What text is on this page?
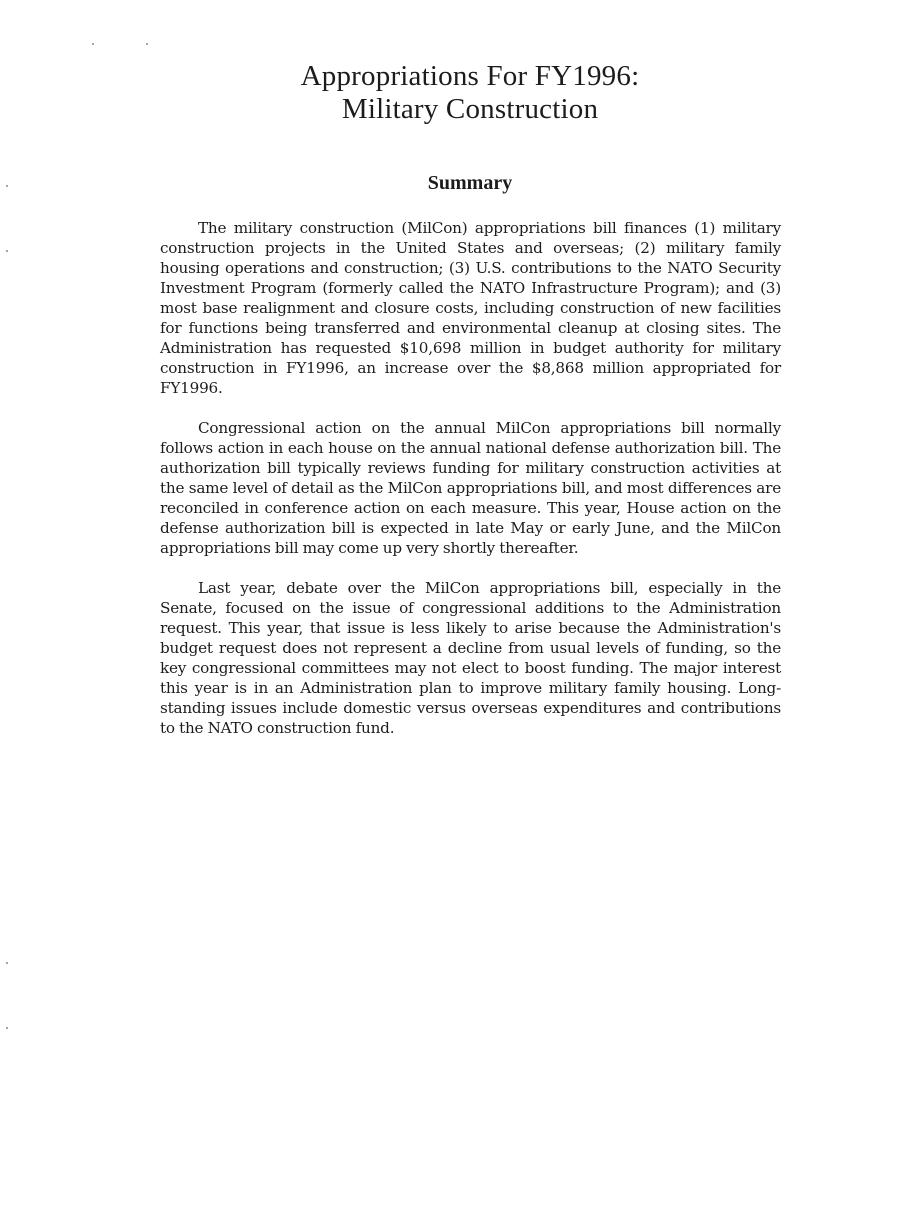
Appropriations For FY1996:
Military Construction
Summary

The military construction (MilCon) appropriations bill finances (1) military construction projects in the United States and overseas; (2) military family housing operations and construction; (3) U.S. contributions to the NATO Security Investment Program (formerly called the NATO Infrastructure Program); and (3) most base realignment and closure costs, including construction of new facilities for functions being transferred and environmental cleanup at closing sites. The Administration has requested $10,698 million in budget authority for military construction in FY1996, an increase over the $8,868 million appropriated for FY1996.

Congressional action on the annual MilCon appropriations bill normally follows action in each house on the annual national defense authorization bill. The authorization bill typically reviews funding for military construction activities at the same level of detail as the MilCon appropriations bill, and most differences are reconciled in conference action on each measure. This year, House action on the defense authorization bill is expected in late May or early June, and the MilCon appropriations bill may come up very shortly thereafter.

Last year, debate over the MilCon appropriations bill, especially in the Senate, focused on the issue of congressional additions to the Administration request. This year, that issue is less likely to arise because the Administration's budget request does not represent a decline from usual levels of funding, so the key congressional committees may not elect to boost funding. The major interest this year is in an Administration plan to improve military family housing. Long-standing issues include domestic versus overseas expenditures and contributions to the NATO construction fund.
